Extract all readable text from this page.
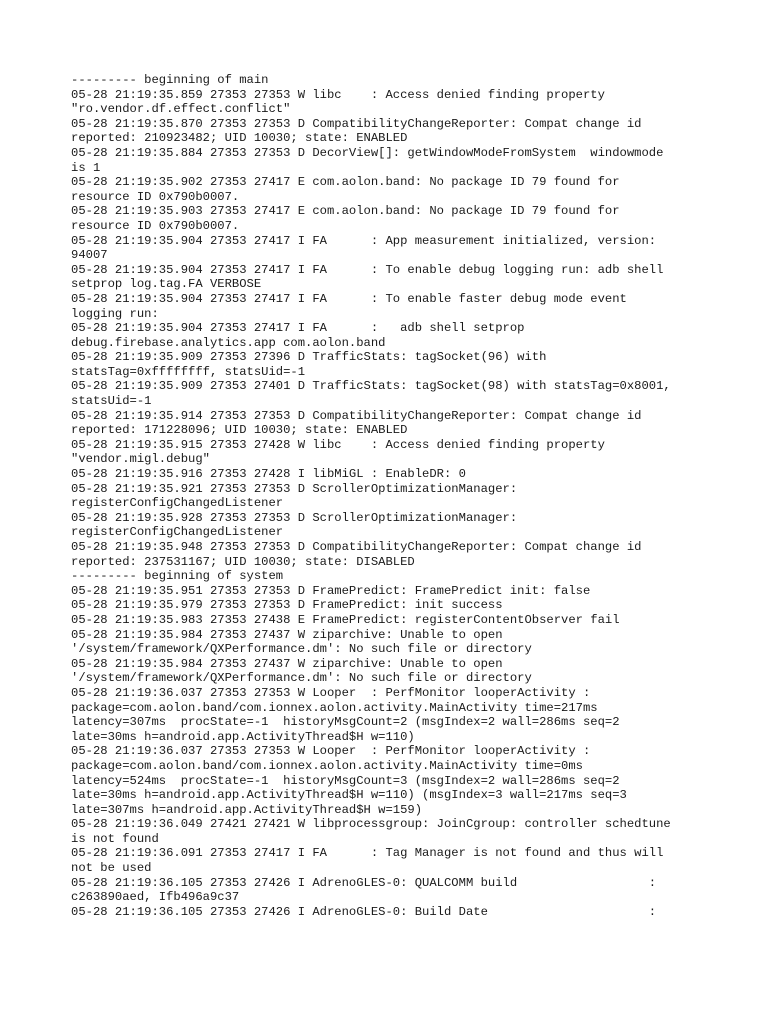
--------- beginning of main
05-28 21:19:35.859 27353 27353 W libc    : Access denied finding property
"ro.vendor.df.effect.conflict"
05-28 21:19:35.870 27353 27353 D CompatibilityChangeReporter: Compat change id
reported: 210923482; UID 10030; state: ENABLED
05-28 21:19:35.884 27353 27353 D DecorView[]: getWindowModeFromSystem  windowmode
is 1
05-28 21:19:35.902 27353 27417 E com.aolon.band: No package ID 79 found for
resource ID 0x790b0007.
05-28 21:19:35.903 27353 27417 E com.aolon.band: No package ID 79 found for
resource ID 0x790b0007.
05-28 21:19:35.904 27353 27417 I FA      : App measurement initialized, version:
94007
05-28 21:19:35.904 27353 27417 I FA      : To enable debug logging run: adb shell
setprop log.tag.FA VERBOSE
05-28 21:19:35.904 27353 27417 I FA      : To enable faster debug mode event
logging run:
05-28 21:19:35.904 27353 27417 I FA      :   adb shell setprop
debug.firebase.analytics.app com.aolon.band
05-28 21:19:35.909 27353 27396 D TrafficStats: tagSocket(96) with
statsTag=0xffffffff, statsUid=-1
05-28 21:19:35.909 27353 27401 D TrafficStats: tagSocket(98) with statsTag=0x8001,
statsUid=-1
05-28 21:19:35.914 27353 27353 D CompatibilityChangeReporter: Compat change id
reported: 171228096; UID 10030; state: ENABLED
05-28 21:19:35.915 27353 27428 W libc    : Access denied finding property
"vendor.migl.debug"
05-28 21:19:35.916 27353 27428 I libMiGL : EnableDR: 0
05-28 21:19:35.921 27353 27353 D ScrollerOptimizationManager:
registerConfigChangedListener
05-28 21:19:35.928 27353 27353 D ScrollerOptimizationManager:
registerConfigChangedListener
05-28 21:19:35.948 27353 27353 D CompatibilityChangeReporter: Compat change id
reported: 237531167; UID 10030; state: DISABLED
--------- beginning of system
05-28 21:19:35.951 27353 27353 D FramePredict: FramePredict init: false
05-28 21:19:35.979 27353 27353 D FramePredict: init success
05-28 21:19:35.983 27353 27438 E FramePredict: registerContentObserver fail
05-28 21:19:35.984 27353 27437 W ziparchive: Unable to open
'/system/framework/QXPerformance.dm': No such file or directory
05-28 21:19:35.984 27353 27437 W ziparchive: Unable to open
'/system/framework/QXPerformance.dm': No such file or directory
05-28 21:19:36.037 27353 27353 W Looper  : PerfMonitor looperActivity :
package=com.aolon.band/com.ionnex.aolon.activity.MainActivity time=217ms
latency=307ms  procState=-1  historyMsgCount=2 (msgIndex=2 wall=286ms seq=2
late=30ms h=android.app.ActivityThread$H w=110)
05-28 21:19:36.037 27353 27353 W Looper  : PerfMonitor looperActivity :
package=com.aolon.band/com.ionnex.aolon.activity.MainActivity time=0ms
latency=524ms  procState=-1  historyMsgCount=3 (msgIndex=2 wall=286ms seq=2
late=30ms h=android.app.ActivityThread$H w=110) (msgIndex=3 wall=217ms seq=3
late=307ms h=android.app.ActivityThread$H w=159)
05-28 21:19:36.049 27421 27421 W libprocessgroup: JoinCgroup: controller schedtune
is not found
05-28 21:19:36.091 27353 27417 I FA      : Tag Manager is not found and thus will
not be used
05-28 21:19:36.105 27353 27426 I AdrenoGLES-0: QUALCOMM build                  :
c263890aed, Ifb496a9c37
05-28 21:19:36.105 27353 27426 I AdrenoGLES-0: Build Date                      :
